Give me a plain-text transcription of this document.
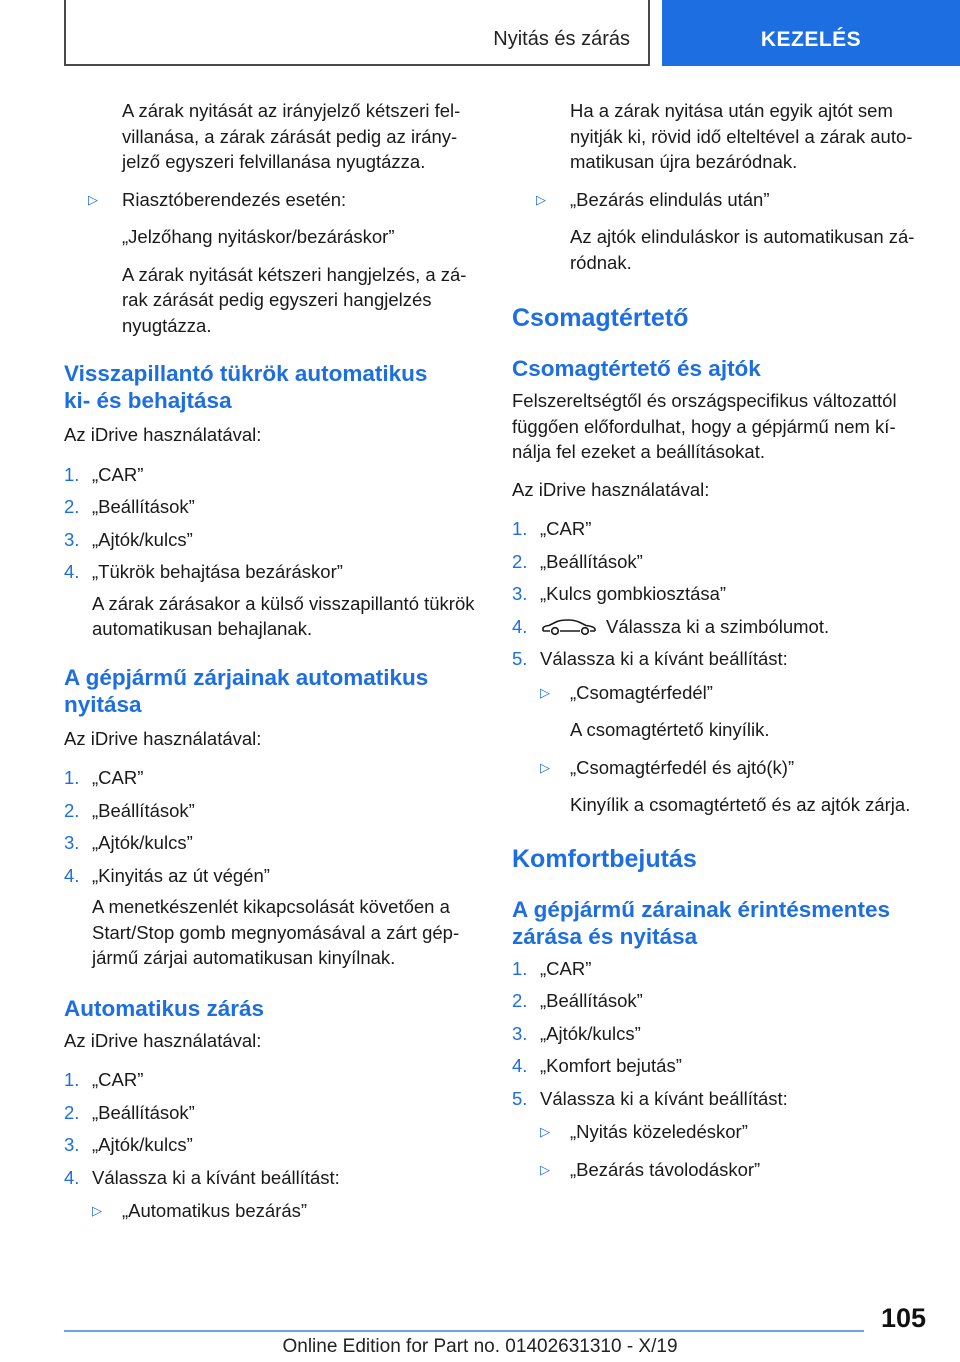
Nyitás és zárás	KEZELÉS
A zárak nyitását az irányjelző kétszeri fel-
villanása, a zárak zárását pedig az irány-
jelző egyszeri felvillanása nyugtázza.
▷	Riasztóberendezés esetén:
„Jelzőhang nyitáskor/bezáráskor”
A zárak nyitását kétszeri hangjelzés, a zá-
rak zárását pedig egyszeri hangjelzés
nyugtázza.
Visszapillantó tükrök automatikus
ki- és behajtása
Az iDrive használatával:
1. „CAR”
2. „Beállítások”
3. „Ajtók/kulcs”
4. „Tükrök behajtása bezáráskor”
A zárak zárásakor a külső visszapillantó tükrök
automatikusan behajlanak.
A gépjármű zárjainak automatikus
nyitása
Az iDrive használatával:
1. „CAR”
2. „Beállítások”
3. „Ajtók/kulcs”
4. „Kinyitás az út végén”
A menetkészenlét kikapcsolását követően a
Start/Stop gomb megnyomásával a zárt gép-
jármű zárjai automatikusan kinyílnak.
Automatikus zárás
Az iDrive használatával:
1. „CAR”
2. „Beállítások”
3. „Ajtók/kulcs”
4. Válassza ki a kívánt beállítást:
▷	„Automatikus bezárás”
Ha a zárak nyitása után egyik ajtót sem
nyitják ki, rövid idő elteltével a zárak auto-
matikusan újra bezáródnak.
▷	„Bezárás elindulás után”
Az ajtók elinduláskor is automatikusan zá-
ródnak.
Csomagtértető
Csomagtértető és ajtók
Felszereltségtől és országspecifikus változattól
függően előfordulhat, hogy a gépjármű nem kí-
nálja fel ezeket a beállításokat.
Az iDrive használatával:
1. „CAR”
2. „Beállítások”
3. „Kulcs gombkiosztása”
4.	Válassza ki a szimbólumot.
5. Válassza ki a kívánt beállítást:
▷	„Csomagtérfedél”
A csomagtértető kinyílik.
▷	„Csomagtérfedél és ajtó(k)”
Kinyílik a csomagtértető és az ajtók zárja.
Komfortbejutás
A gépjármű zárainak érintésmentes
zárása és nyitása
1. „CAR”
2. „Beállítások”
3. „Ajtók/kulcs”
4. „Komfort bejutás”
5. Válassza ki a kívánt beállítást:
▷	„Nyitás közeledéskor”
▷	„Bezárás távolodáskor”
105
Online Edition for Part no. 01402631310 - X/19
